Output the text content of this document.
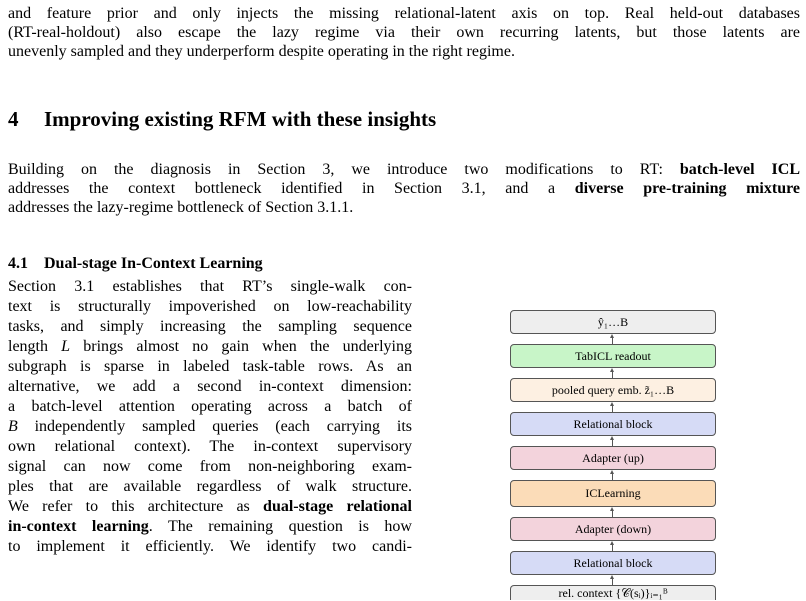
and feature prior and only injects the missing relational-latent axis on top. Real held-out databases
(RT-real-holdout) also escape the lazy regime via their own recurring latents, but those latents are
unevenly sampled and they underperform despite operating in the right regime.

4 Improving existing RFM with these insights

Building on the diagnosis in Section 3, we introduce two modifications to RT: batch-level ICL
addresses the context bottleneck identified in Section 3.1, and a diverse pre-training mixture
addresses the lazy-regime bottleneck of Section 3.1.1.

4.1 Dual-stage In-Context Learning

Section 3.1 establishes that RT’s single-walk con-
text is structurally impoverished on low-reachability
tasks, and simply increasing the sampling sequence
length L brings almost no gain when the underlying
subgraph is sparse in labeled task-table rows. As an
alternative, we add a second in-context dimension:
a batch-level attention operating across a batch of
B independently sampled queries (each carrying its
own relational context). The in-context supervisory
signal can now come from non-neighboring exam-
ples that are available regardless of walk structure.
We refer to this architecture as dual-stage relational
in-context learning. The remaining question is how
to implement it efficiently. We identify two candi-

ŷ₁…B
TabICL readout
pooled query emb. z̃₁…B
Relational block
Adapter (up)
ICLearning
Adapter (down)
Relational block
rel. context {𝒞(sᵢ)}ᵢ₌₁ᴮ
